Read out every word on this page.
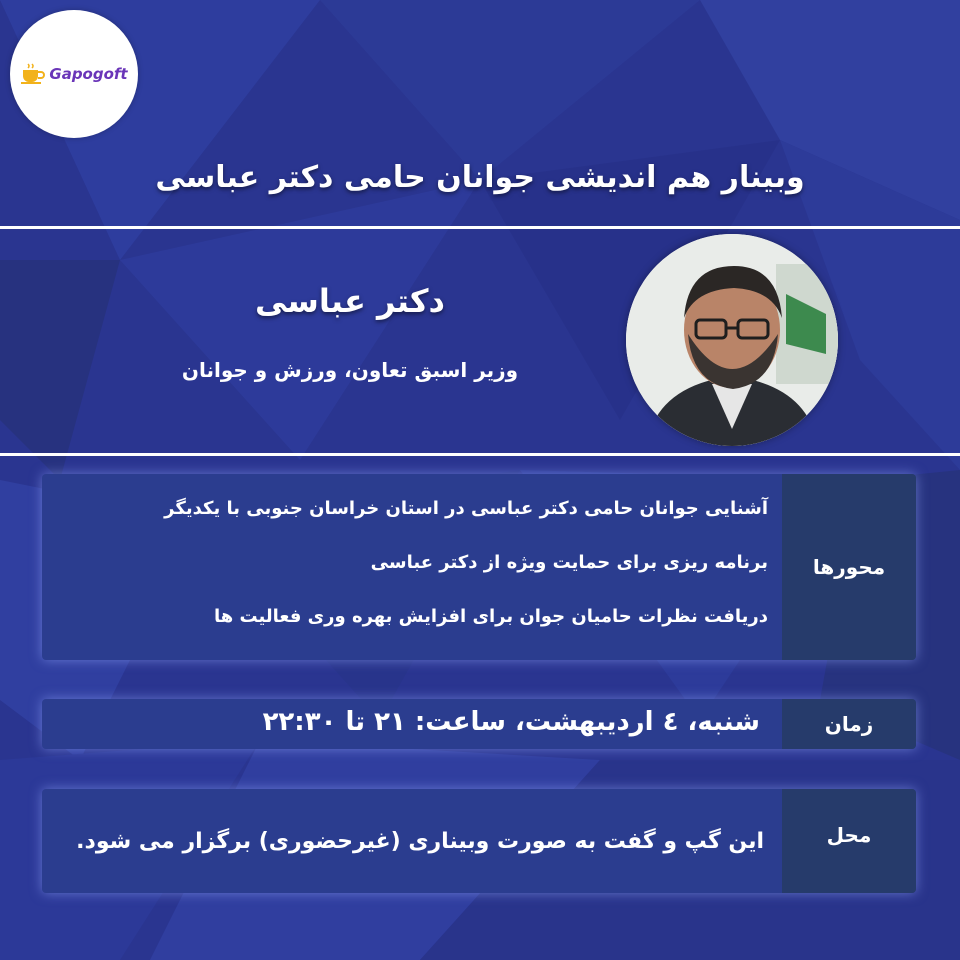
Gapogoft
وبینار هم اندیشی جوانان حامی دکتر عباسی
دکتر عباسی
وزیر اسبق تعاون، ورزش و جوانان
محورها
آشنایی جوانان حامی دکتر عباسی در استان خراسان جنوبی با یکدیگر
برنامه ریزی برای حمایت ویژه از دکتر عباسی
دریافت نظرات حامیان جوان برای افزایش بهره وری فعالیت ها
زمان
شنبه، ٤ اردیبهشت، ساعت: ۲۱ تا ۲۲:۳۰
محل
این گپ و گفت به صورت وبیناری (غیرحضوری) برگزار می شود.
